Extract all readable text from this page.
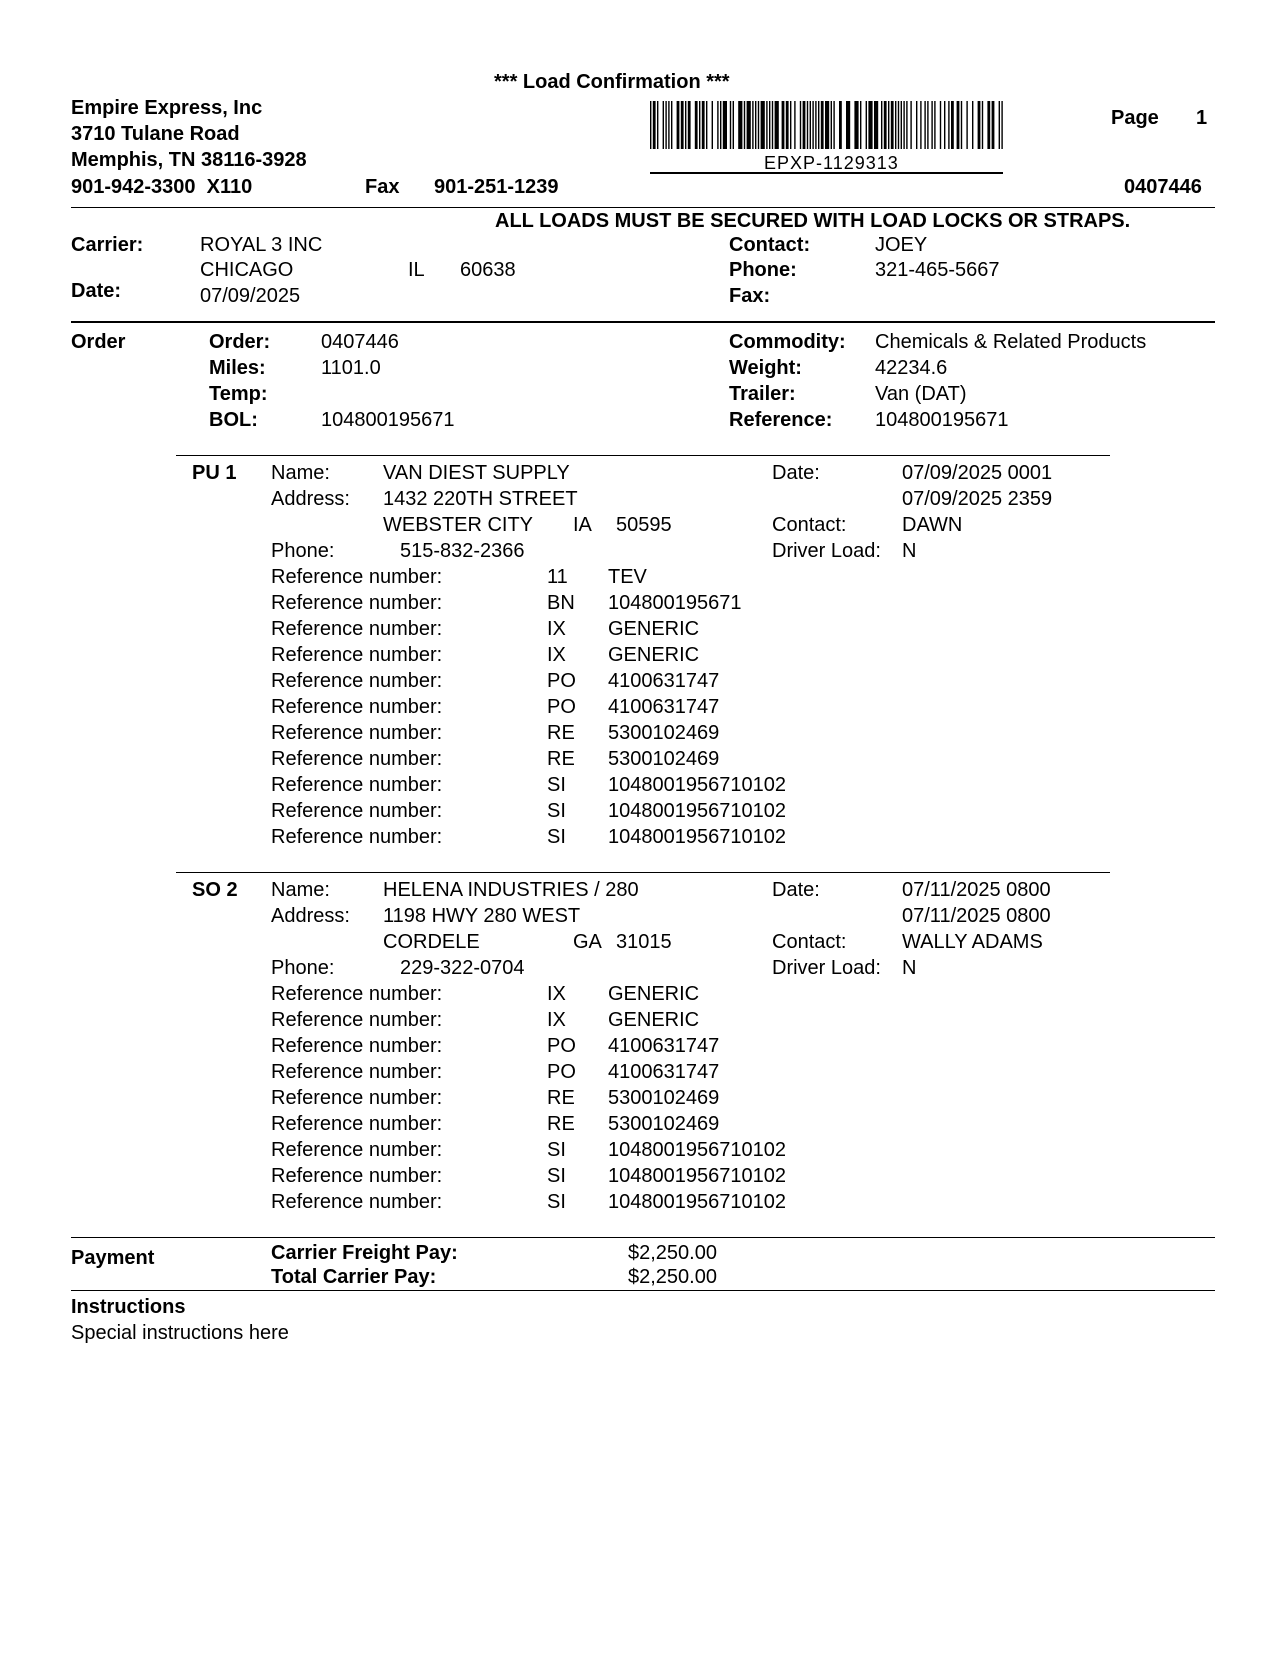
*** Load Confirmation ***
Empire Express, Inc
3710 Tulane Road
Memphis, TN 38116-3928
901-942-3300  X110	Fax 901-251-1239
EPXP-1129313
Page 1
0407446
ALL LOADS MUST BE SECURED WITH LOAD LOCKS OR STRAPS.
Carrier:	ROYAL 3 INC
CHICAGO	IL 60638
Date:	07/09/2025
Contact:	JOEY
Phone:	321-465-5667
Fax:
Order	Order:	0407446
Miles:	1101.0
Temp:
BOL:	104800195671
Commodity: Chemicals & Related Products
Weight:	42234.6
Trailer:	Van (DAT)
Reference: 104800195671
PU 1 Name:	VAN DIEST SUPPLY
Address: 1432 220TH STREET
WEBSTER CITY IA 50595
Phone:	515-832-2366
Date:	07/09/2025 0001
07/09/2025 2359
Contact:	DAWN
Driver Load: N
Reference number:	11 TEV
Reference number:	BN 104800195671
Reference number:	IX GENERIC
Reference number:	IX GENERIC
Reference number:	PO 4100631747
Reference number:	PO 4100631747
Reference number:	RE 5300102469
Reference number:	RE 5300102469
Reference number:	SI 1048001956710102
Reference number:	SI 1048001956710102
Reference number:	SI 1048001956710102
SO 2 Name:	HELENA INDUSTRIES / 280
Address: 1198 HWY 280 WEST
CORDELE	GA 31015
Phone:	229-322-0704
Date:	07/11/2025 0800
07/11/2025 0800
Contact:	WALLY ADAMS
Driver Load: N
Reference number:	IX GENERIC
Reference number:	IX GENERIC
Reference number:	PO 4100631747
Reference number:	PO 4100631747
Reference number:	RE 5300102469
Reference number:	RE 5300102469
Reference number:	SI 1048001956710102
Reference number:	SI 1048001956710102
Reference number:	SI 1048001956710102
Payment	Carrier Freight Pay:	$2,250.00
Total Carrier Pay:	$2,250.00
Instructions
Special instructions here
